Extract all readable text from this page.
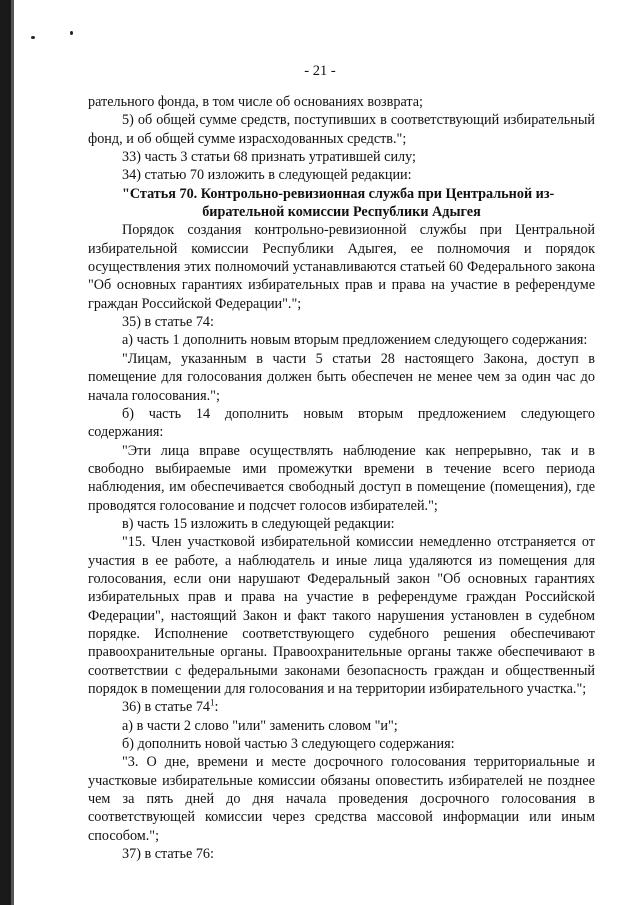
- 21 -

рательного фонда, в том числе об основаниях возврата;

5) об общей сумме средств, поступивших в соответствующий избирательный фонд, и об общей сумме израсходованных средств.";

33) часть 3 статьи 68 признать утратившей силу;

34) статью 70 изложить в следующей редакции:

"Статья 70. Контрольно-ревизионная служба при Центральной из-

бирательной комиссии Республики Адыгея

Порядок создания контрольно-ревизионной службы при Центральной избирательной комиссии Республики Адыгея, ее полномочия и порядок осуществления этих полномочий устанавливаются статьей 60 Федерального закона "Об основных гарантиях избирательных прав и права на участие в референдуме граждан Российской Федерации".";

35) в статье 74:

а) часть 1 дополнить новым вторым предложением следующего содержания:

"Лицам, указанным в части 5 статьи 28 настоящего Закона, доступ в помещение для голосования должен быть обеспечен не менее чем за один час до начала голосования.";

б) часть 14 дополнить новым вторым предложением следующего содержания:

"Эти лица вправе осуществлять наблюдение как непрерывно, так и в свободно выбираемые ими промежутки времени в течение всего периода наблюдения, им обеспечивается свободный доступ в помещение (помещения), где проводятся голосование и подсчет голосов избирателей.";

в) часть 15 изложить в следующей редакции:

"15. Член участковой избирательной комиссии немедленно отстраняется от участия в ее работе, а наблюдатель и иные лица удаляются из помещения для голосования, если они нарушают Федеральный закон "Об основных гарантиях избирательных прав и права на участие в референдуме граждан Российской Федерации", настоящий Закон и факт такого нарушения установлен в судебном порядке. Исполнение соответствующего судебного решения обеспечивают правоохранительные органы. Правоохранительные органы также обеспечивают в соответствии с федеральными законами безопасность граждан и общественный порядок в помещении для голосования и на территории избирательного участка.";

36) в статье $74^1$:

а) в части 2 слово "или" заменить словом "и";

б) дополнить новой частью 3 следующего содержания:

"3. О дне, времени и месте досрочного голосования территориальные и участковые избирательные комиссии обязаны оповестить избирателей не позднее чем за пять дней до дня начала проведения досрочного голосования в соответствующей комиссии через средства массовой информации или иным способом.";

37) в статье 76:
